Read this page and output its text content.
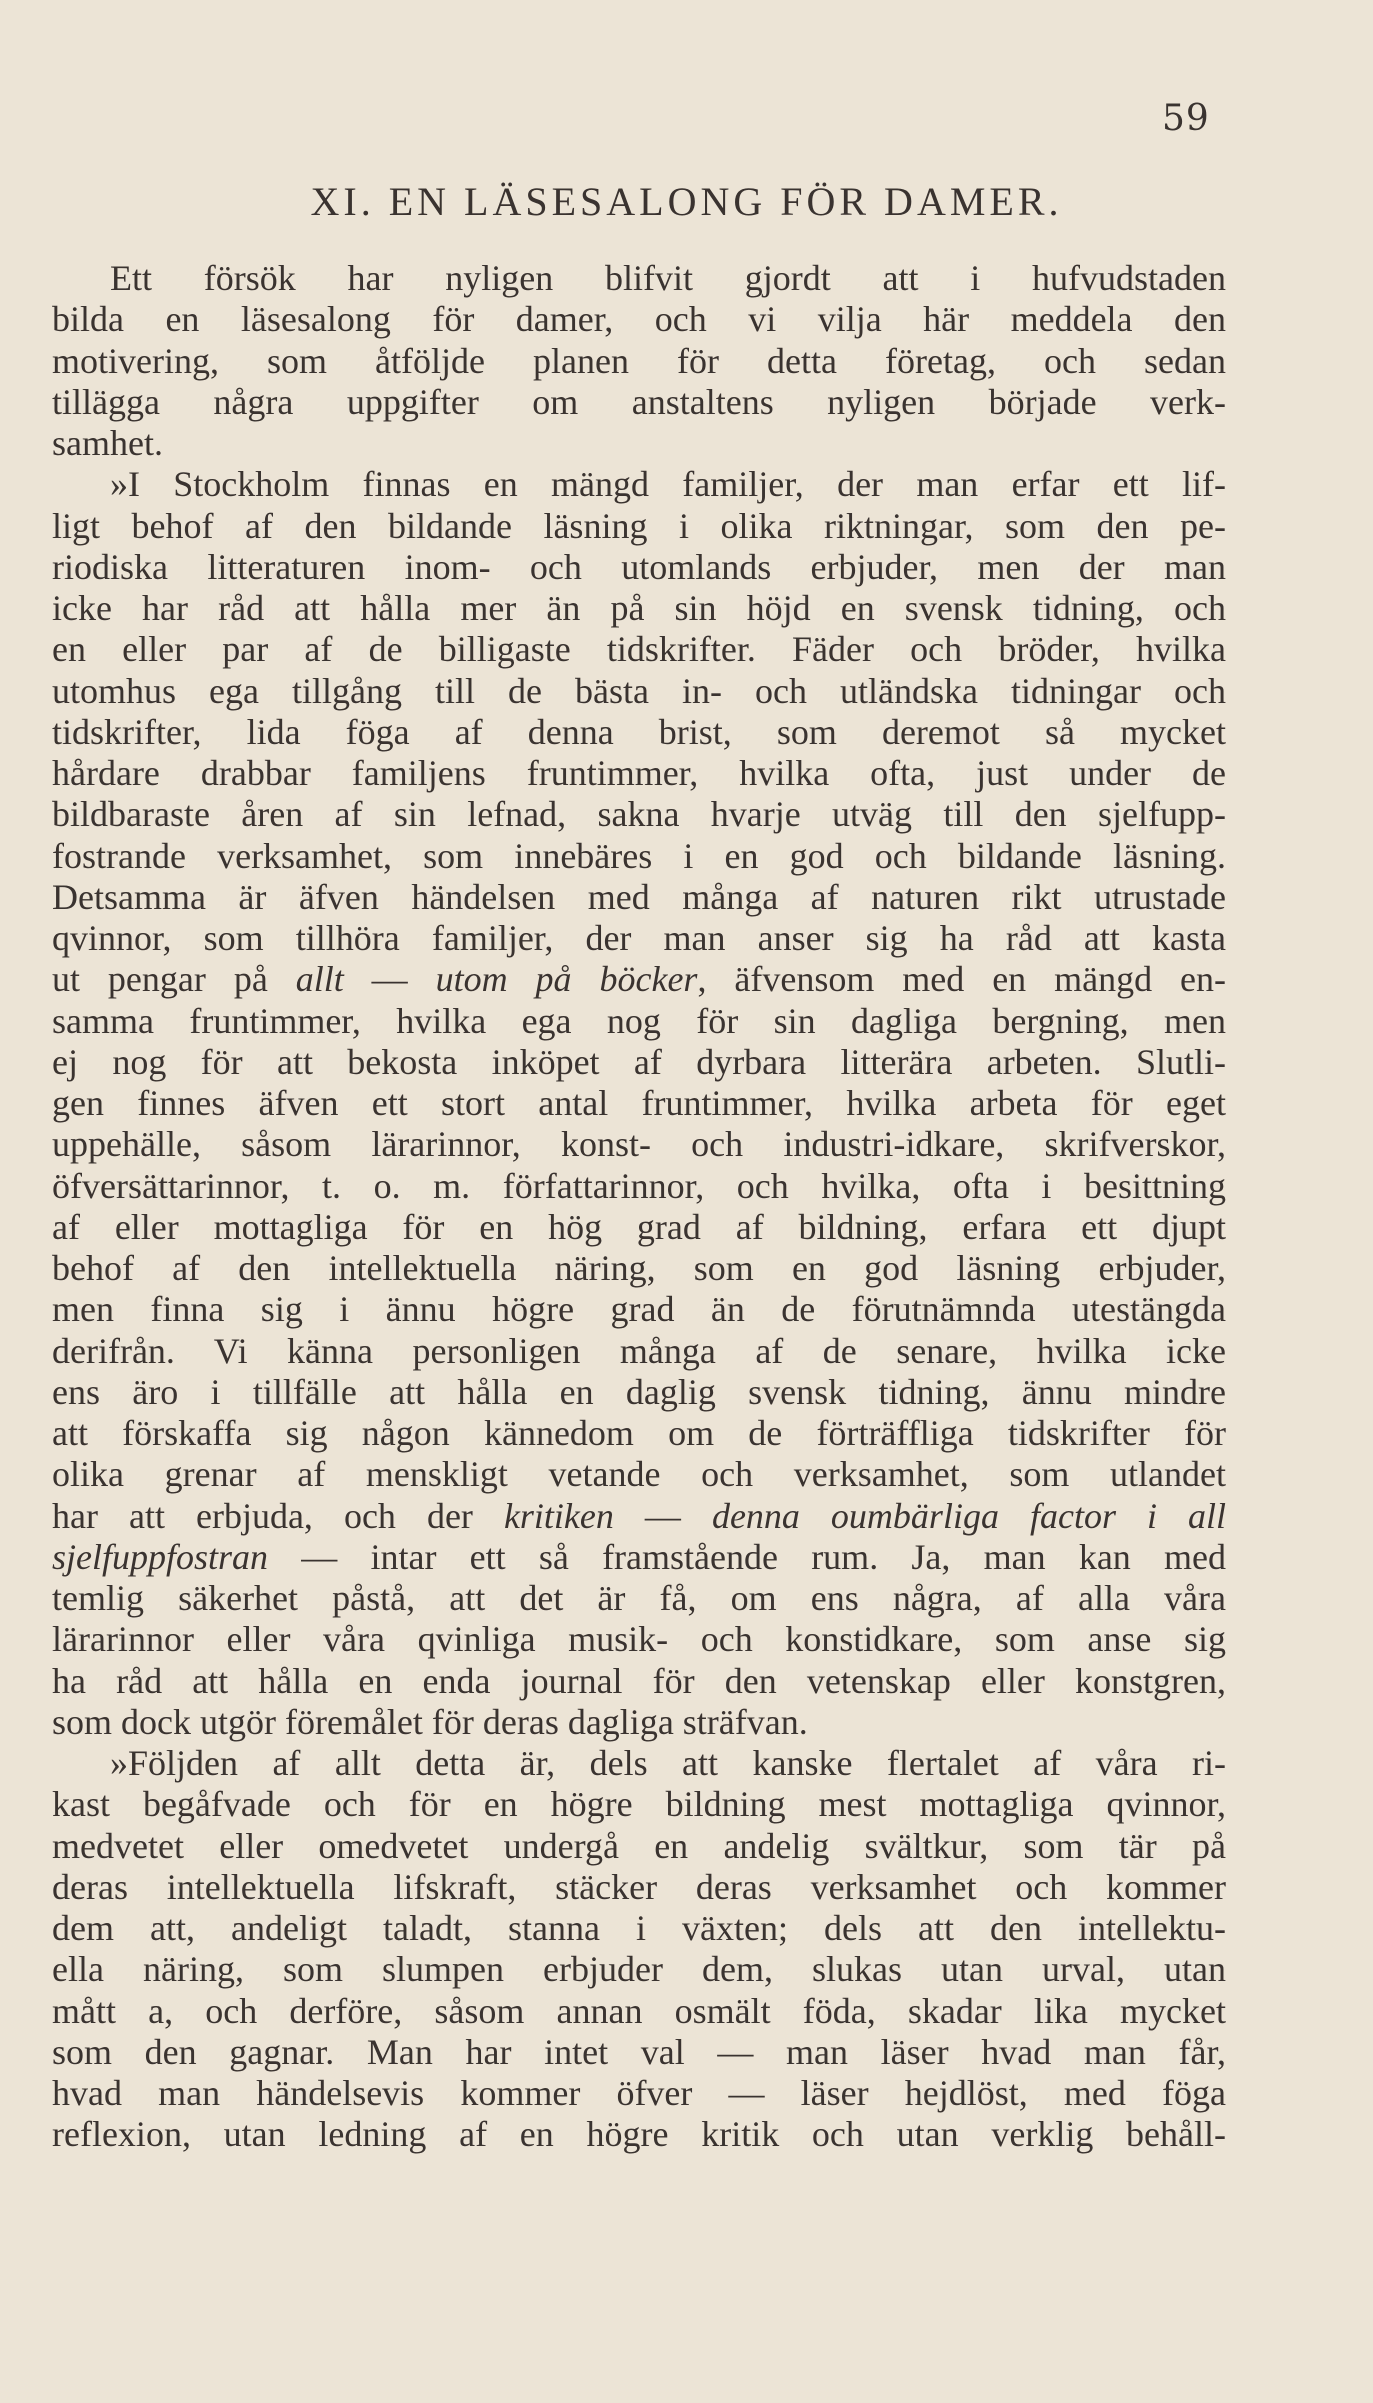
59
XI. EN LÄSESALONG FÖR DAMER.
Ett försök har nyligen blifvit gjordt att i hufvudstaden
bilda en läsesalong för damer, och vi vilja här meddela den
motivering, som åtföljde planen för detta företag, och sedan
tillägga några uppgifter om anstaltens nyligen började verk-
samhet.
»I Stockholm finnas en mängd familjer, der man erfar ett lif-
ligt behof af den bildande läsning i olika riktningar, som den pe-
riodiska litteraturen inom- och utomlands erbjuder, men der man
icke har råd att hålla mer än på sin höjd en svensk tidning, och
en eller par af de billigaste tidskrifter. Fäder och bröder, hvilka
utomhus ega tillgång till de bästa in- och utländska tidningar och
tidskrifter, lida föga af denna brist, som deremot så mycket
hårdare drabbar familjens fruntimmer, hvilka ofta, just under de
bildbaraste åren af sin lefnad, sakna hvarje utväg till den sjelfupp-
fostrande verksamhet, som innebäres i en god och bildande läsning.
Detsamma är äfven händelsen med många af naturen rikt utrustade
qvinnor, som tillhöra familjer, der man anser sig ha råd att kasta
ut pengar på allt — utom på böcker, äfvensom med en mängd en-
samma fruntimmer, hvilka ega nog för sin dagliga bergning, men
ej nog för att bekosta inköpet af dyrbara litterära arbeten. Slutli-
gen finnes äfven ett stort antal fruntimmer, hvilka arbeta för eget
uppehälle, såsom lärarinnor, konst- och industri-idkare, skrifverskor,
öfversättarinnor, t. o. m. författarinnor, och hvilka, ofta i besittning
af eller mottagliga för en hög grad af bildning, erfara ett djupt
behof af den intellektuella näring, som en god läsning erbjuder,
men finna sig i ännu högre grad än de förutnämnda utestängda
derifrån. Vi känna personligen många af de senare, hvilka icke
ens äro i tillfälle att hålla en daglig svensk tidning, ännu mindre
att förskaffa sig någon kännedom om de förträffliga tidskrifter för
olika grenar af menskligt vetande och verksamhet, som utlandet
har att erbjuda, och der kritiken — denna oumbärliga factor i all
sjelfuppfostran — intar ett så framstående rum. Ja, man kan med
temlig säkerhet påstå, att det är få, om ens några, af alla våra
lärarinnor eller våra qvinliga musik- och konstidkare, som anse sig
ha råd att hålla en enda journal för den vetenskap eller konstgren,
som dock utgör föremålet för deras dagliga sträfvan.
»Följden af allt detta är, dels att kanske flertalet af våra ri-
kast begåfvade och för en högre bildning mest mottagliga qvinnor,
medvetet eller omedvetet undergå en andelig svältkur, som tär på
deras intellektuella lifskraft, stäcker deras verksamhet och kommer
dem att, andeligt taladt, stanna i växten; dels att den intellektu-
ella näring, som slumpen erbjuder dem, slukas utan urval, utan
mått a, och derföre, såsom annan osmält föda, skadar lika mycket
som den gagnar. Man har intet val — man läser hvad man får,
hvad man händelsevis kommer öfver — läser hejdlöst, med föga
reflexion, utan ledning af en högre kritik och utan verklig behåll-
